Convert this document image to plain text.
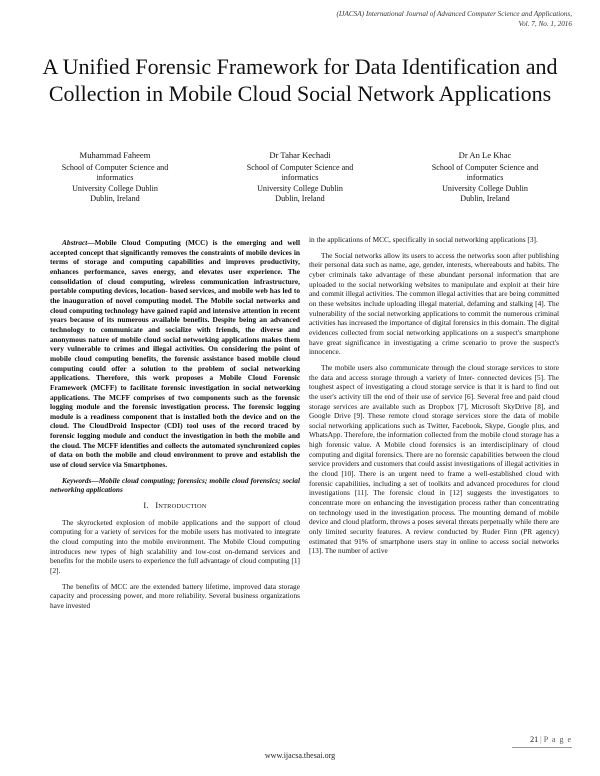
(IJACSA) International Journal of Advanced Computer Science and Applications,
Vol. 7, No. 1, 2016
A Unified Forensic Framework for Data Identification and Collection in Mobile Cloud Social Network Applications
Muhammad Faheem
School of Computer Science and
informatics
University College Dublin
Dublin, Ireland
Dr Tahar Kechadi
School of Computer Science and
informatics
University College Dublin
Dublin, Ireland
Dr An Le Khac
School of Computer Science and
informatics
University College Dublin
Dublin, Ireland

Abstract—Mobile Cloud Computing (MCC) is the emerging and well accepted concept that significantly removes the constraints of mobile devices in terms of storage and computing capabilities and improves productivity, enhances performance, saves energy, and elevates user experience. The consolidation of cloud computing, wireless communication infrastructure, portable computing devices, location- based services, and mobile web has led to the inauguration of novel computing model. The Mobile social networks and cloud computing technology have gained rapid and intensive attention in recent years because of its numerous available benefits. Despite being an advanced technology to communicate and socialize with friends, the diverse and anonymous nature of mobile cloud social networking applications makes them very vulnerable to crimes and illegal activities. On considering the point of mobile cloud computing benefits, the forensic assistance based mobile cloud computing could offer a solution to the problem of social networking applications. Therefore, this work proposes a Mobile Cloud Forensic Framework (MCFF) to facilitate forensic investigation in social networking applications. The MCFF comprises of two components such as the forensic logging module and the forensic investigation process. The forensic logging module is a readiness component that is installed both the device and on the cloud. The CloudDroid Inspector (CDI) tool uses of the record traced by forensic logging module and conduct the investigation in both the mobile and the cloud. The MCFF identifies and collects the automated synchronized copies of data on both the mobile and cloud environment to prove and establish the use of cloud service via Smartphones.

Keywords—Mobile cloud computing; forensics; mobile cloud forensics; social networking applications

I. INTRODUCTION

The skyrocketed explosion of mobile applications and the support of cloud computing for a variety of services for the mobile users has motivated to integrate the cloud computing into the mobile environment. The Mobile Cloud computing introduces new types of high scalability and low-cost on-demand services and benefits for the mobile users to experience the full advantage of cloud computing [1] [2].

The benefits of MCC are the extended battery lifetime, improved data storage capacity and processing power, and more reliability. Several business organizations have invested

in the applications of MCC, specifically in social networking applications [3].

The Social networks allow its users to access the networks soon after publishing their personal data such as name, age, gender, interests, whereabouts and habits. The cyber criminals take advantage of these abundant personal information that are uploaded to the social networking websites to manipulate and exploit at their hire and commit illegal activities. The common illegal activities that are being committed on these websites include uploading illegal material, defaming and stalking [4]. The vulnerability of the social networking applications to commit the numerous criminal activities has increased the importance of digital forensics in this domain. The digital evidences collected from social networking applications on a suspect's smartphone have great significance in investigating a crime scenario to prove the suspect's innocence.

The mobile users also communicate through the cloud storage services to store the data and access storage through a variety of Inter- connected devices [5]. The toughest aspect of investigating a cloud storage service is that it is hard to find out the user's activity till the end of their use of service [6]. Several free and paid cloud storage services are available such as Dropbox [7], Microsoft SkyDrive [8], and Google Drive [9]. These remote cloud storage services store the data of mobile social networking applications such as Twitter, Facebook, Skype, Google plus, and WhatsApp. Therefore, the information collected from the mobile cloud storage has a high forensic value. A Mobile cloud forensics is an interdisciplinary of cloud computing and digital forensics. There are no forensic capabilities between the cloud service providers and customers that could assist investigations of illegal activities in the cloud [10]. There is an urgent need to frame a well-established cloud with forensic capabilities, including a set of toolkits and advanced procedures for cloud investigations [11]. The forensic cloud in [12] suggests the investigators to concentrate more on enhancing the investigation process rather than concentrating on technology used in the investigation process. The mounting demand of mobile device and cloud platform, throws a poses several threats perpetually while there are only limited security features. A review conducted by Ruder Finn (PR agency) estimated that 91% of smartphone users stay in online to access social networks [13]. The number of active

21 | P a g e
www.ijacsa.thesai.org
